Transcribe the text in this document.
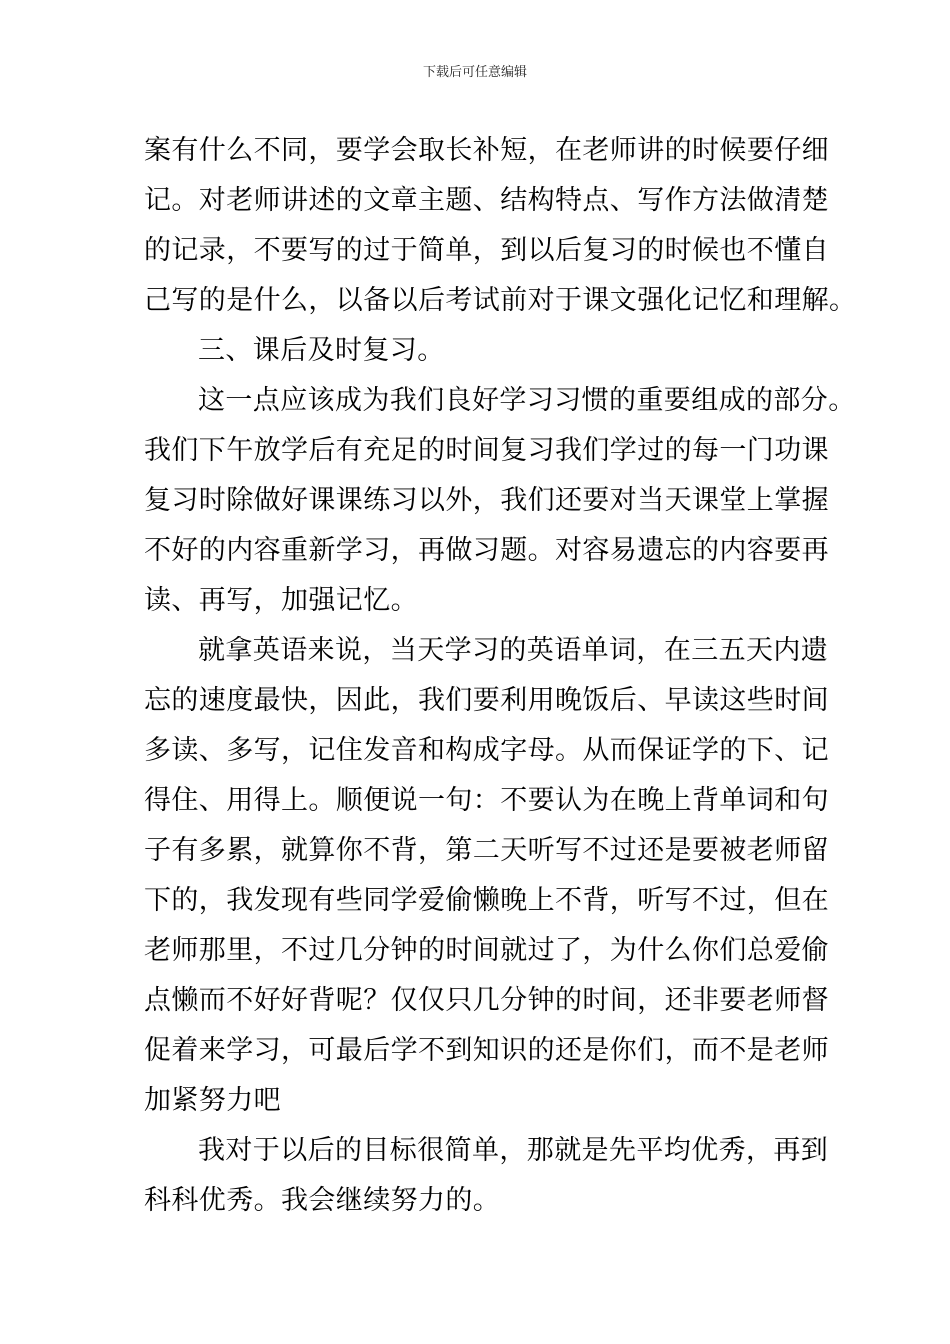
下载后可任意编辑
案有什么不同，要学会取长补短，在老师讲的时候要仔细
记。对老师讲述的文章主题、结构特点、写作方法做清楚
的记录，不要写的过于简单，到以后复习的时候也不懂自
己写的是什么，以备以后考试前对于课文强化记忆和理解。
三、课后及时复习。
这一点应该成为我们良好学习习惯的重要组成的部分。
我们下午放学后有充足的时间复习我们学过的每一门功课
复习时除做好课课练习以外，我们还要对当天课堂上掌握
不好的内容重新学习，再做习题。对容易遗忘的内容要再
读、再写，加强记忆。
就拿英语来说，当天学习的英语单词，在三五天内遗
忘的速度最快，因此，我们要利用晚饭后、早读这些时间
多读、多写，记住发音和构成字母。从而保证学的下、记
得住、用得上。顺便说一句：不要认为在晚上背单词和句
子有多累，就算你不背，第二天听写不过还是要被老师留
下的，我发现有些同学爱偷懒晚上不背，听写不过，但在
老师那里，不过几分钟的时间就过了，为什么你们总爱偷
点懒而不好好背呢？仅仅只几分钟的时间，还非要老师督
促着来学习，可最后学不到知识的还是你们，而不是老师
加紧努力吧
我对于以后的目标很简单，那就是先平均优秀，再到
科科优秀。我会继续努力的。
